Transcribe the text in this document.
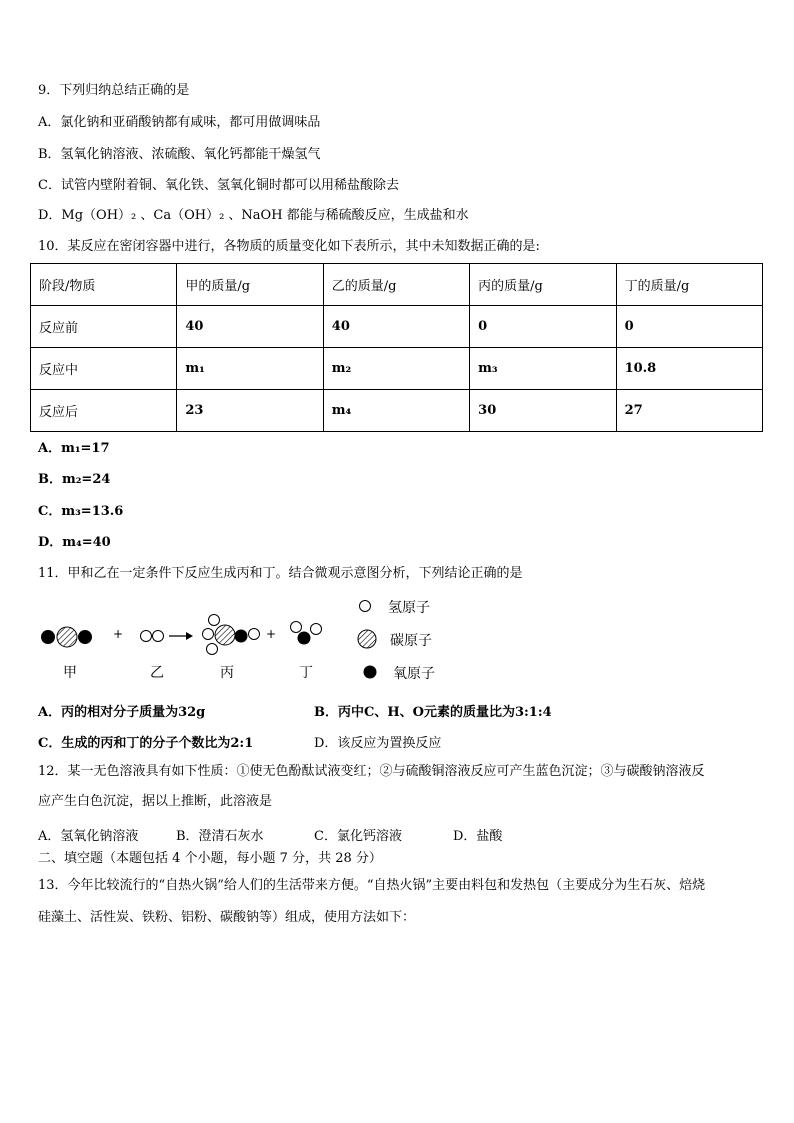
9．下列归纳总结正确的是
A．氯化钠和亚硝酸钠都有咸味，都可用做调味品
B．氢氧化钠溶液、浓硫酸、氧化钙都能干燥氢气
C．试管内壁附着铜、氧化铁、氢氧化铜时都可以用稀盐酸除去
D．Mg（OH）₂ 、Ca（OH）₂ 、NaOH 都能与稀硫酸反应，生成盐和水
10．某反应在密闭容器中进行，各物质的质量变化如下表所示，其中未知数据正确的是:
阶段/物质	甲的质量/g	乙的质量/g	丙的质量/g	丁的质量/g
反应前	40	40	0	0
反应中	m₁	m₂	m₃	10.8
反应后	23	m₄	30	27
A．m₁=17
B．m₂=24
C．m₃=13.6
D．m₄=40
11．甲和乙在一定条件下反应生成丙和丁。结合微观示意图分析，下列结论正确的是
+	+
甲	乙	丙	丁
氢原子
碳原子
氧原子
A．丙的相对分子质量为32g	B．丙中C、H、O元素的质量比为3:1:4
C．生成的丙和丁的分子个数比为2:1	D．该反应为置换反应
12．某一无色溶液具有如下性质：①使无色酚酞试液变红；②与硫酸铜溶液反应可产生蓝色沉淀；③与碳酸钠溶液反
应产生白色沉淀，据以上推断，此溶液是
A．氢氧化钠溶液	B．澄清石灰水	C．氯化钙溶液	D．盐酸
二、填空题（本题包括 4 个小题，每小题 7 分，共 28 分）
13．今年比较流行的“自热火锅”给人们的生活带来方便。“自热火锅”主要由料包和发热包（主要成分为生石灰、焙烧
硅藻土、活性炭、铁粉、铝粉、碳酸钠等）组成，使用方法如下：
